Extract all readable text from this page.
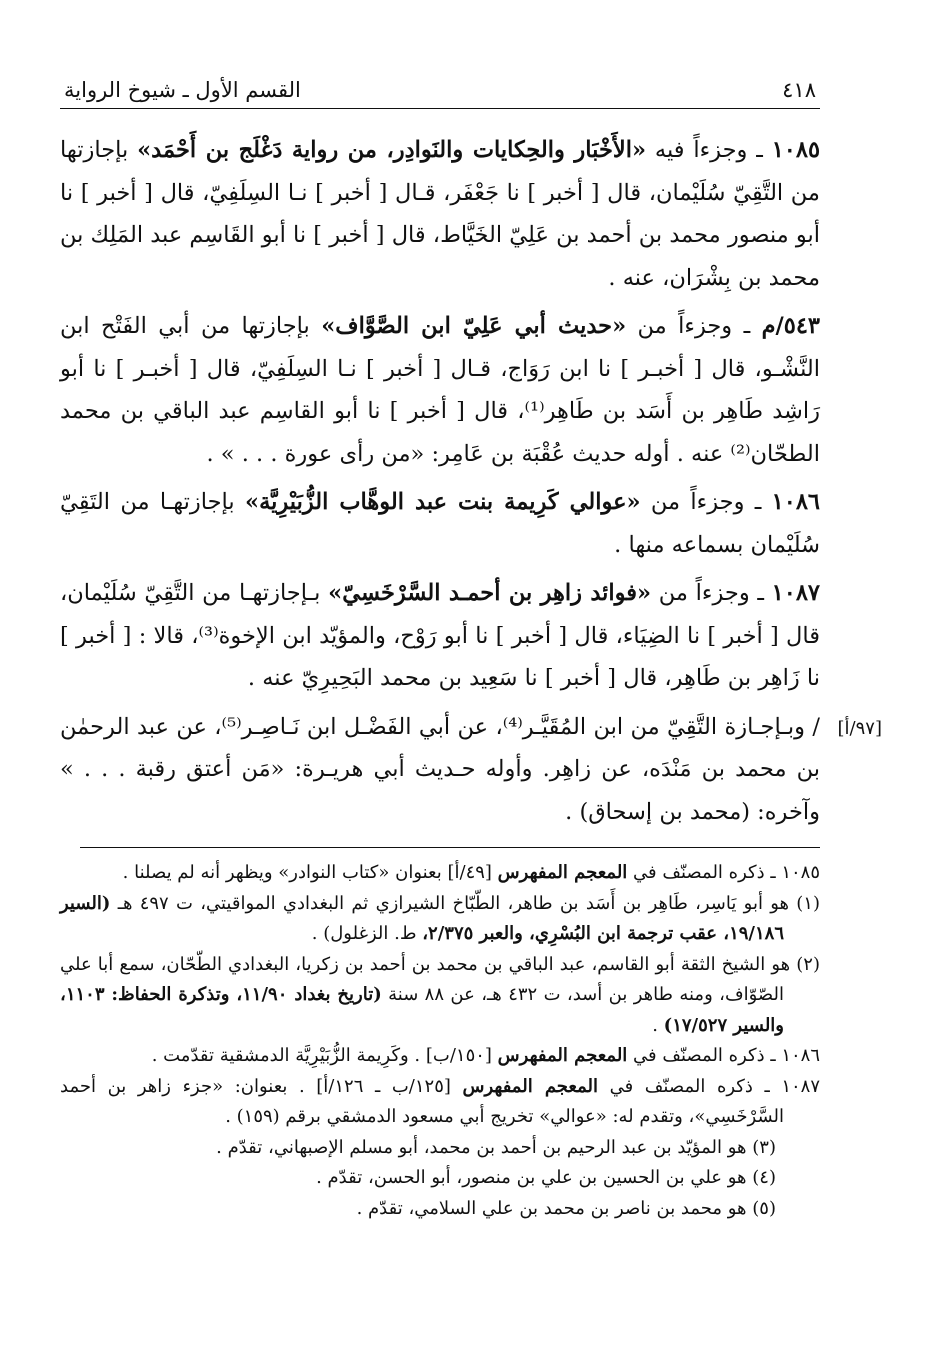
٤١٨
القسم الأول ـ شيوخ الرواية
١٠٨٥ ـ وجزءاً فيه «الأَخْبَار والحِكايات والنَوادِر، من رواية دَغْلَج بن أَحْمَد» بإجازتها من التَّقِيّ سُلَيْمان، قال [ أخبر ] نا جَعْفَر، قـال [ أخبر ] نـا السِلَفِيّ، قال [ أخبر ] نا أبو منصور محمد بن أحمد بن عَلِيّ الخَيَّاط، قال [ أخبر ] نا أبو القَاسِم عبد المَلِك بن محمد بن بِشْرَان، عنه .
٥٤٣/م ـ وجزءاً من «حديث أبي عَلِيّ ابن الصَّوَّاف» بإجازتها من أبي الفَتْح ابن النَّشْـو، قال [ أخبـر ] نا ابن رَوَاج، قـال [ أخبر ] نـا السِلَفِيّ، قال [ أخبـر ] نا أبو رَاشِد طَاهِر بن أَسَد بن طَاهِر⁽¹⁾، قال [ أخبر ] نا أبو القاسِم عبد الباقي بن محمد الطحّان⁽²⁾ عنه . أوله حديث عُقْبَة بن عَامِر: «من رأى عورة . . . » .
١٠٨٦ ـ وجزءاً من «عوالي كَرِيمة بنت عبد الوهَّاب الزُّبَيْرِيَّة» بإجازتهـا من التَقِيّ سُلَيْمان بسماعه منها .
١٠٨٧ ـ وجزءاً من «فوائد زاهِر بن أحمـد السَّرْخَسِيّ» بـإجازتهـا من التَّقِيّ سُلَيْمان، قال [ أخبر ] نا الضِيَاء، قال [ أخبر ] نا أبو رَوْح، والمؤيّد ابن الإخوة⁽³⁾، قالا : [ أخبر ] نا زَاهِر بن طَاهِر، قال [ أخبر ] نا سَعِيد بن محمد البَحِيرِيّ عنه .
[٩٧/أ]
/ وبـإجـازة التَّقِيّ من ابن المُقَيَّـر⁽⁴⁾، عن أبي الفَضْـل ابن نَـاصِـر⁽⁵⁾، عن عبد الرحمٰن بن محمد بن مَنْدَه، عن زاهِر. وأوله حـديث أبي هريـرة: «مَن أعتق رقبة . . . » وآخره: (محمد بن إسحاق) .
١٠٨٥ ـ ذكره المصنّف في المعجم المفهرس [٤٩/أ] بعنوان «كتاب النوادر» ويظهر أنه لم يصلنا .
(١) هو أبو يَاسِر، طَاهِر بن أَسَد بن طاهر، الطّبّاخ الشيرازي ثم البغدادي المواقيتي، ت ٤٩٧ هـ (السير ١٩/١٨٦، عقب ترجمة ابن البُسْرِي، والعبر ٢/٣٧٥، ط. الزغلول) .
(٢) هو الشيخ الثقة أبو القاسم، عبد الباقي بن محمد بن أحمد بن زكريا، البغدادي الطّحّان، سمع أبا علي الصّوّاف، ومنه طاهر بن أسد، ت ٤٣٢ هـ، عن ٨٨ سنة (تاريخ بغداد ١١/٩٠، وتذكرة الحفاظ: ١١٠٣، والسير ١٧/٥٢٧) .
١٠٨٦ ـ ذكره المصنّف في المعجم المفهرس [١٥٠/ب] . وكَرِيمة الزُّبَيْرِيَّة الدمشقية تقدّمت .
١٠٨٧ ـ ذكره المصنّف في المعجم المفهرس [١٢٥/ب ـ ١٢٦/أ] . بعنوان: «جزء زاهر بن أحمد السَّرْخَسِي»، وتقدم له: «عوالي» تخريج أبي مسعود الدمشقي برقم (١٥٩) .
(٣) هو المؤيّد بن عبد الرحيم بن أحمد بن محمد، أبو مسلم الإصبهاني، تقدّم .
(٤) هو علي بن الحسين بن علي بن منصور، أبو الحسن، تقدّم .
(٥) هو محمد بن ناصر بن محمد بن علي السلامي، تقدّم .
